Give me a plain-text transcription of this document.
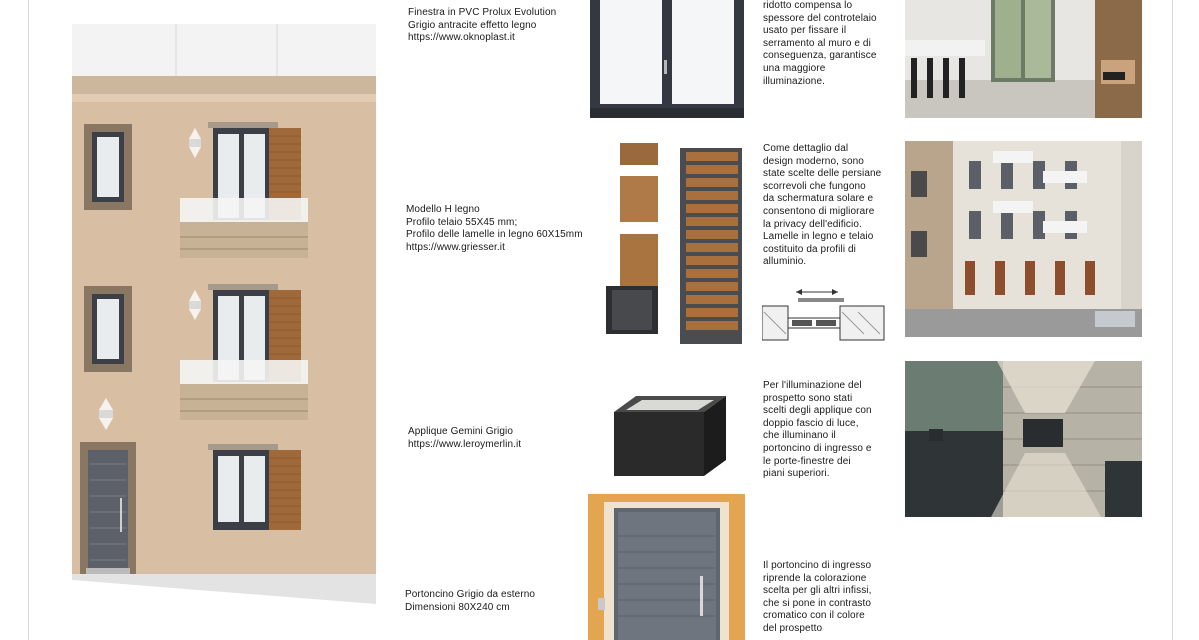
Finestra in PVC Prolux Evolution
Grigio antracite effetto legno
https://www.oknoplast.it
ridotto compensa lo
spessore del controtelaio
usato per fissare il
serramento al muro e di
conseguenza, garantisce
una maggiore
illuminazione.
Modello H legno
Profilo telaio 55X45 mm;
Profilo delle lamelle in legno 60X15mm
https://www.griesser.it
Come dettaglio dal
design moderno, sono
state scelte delle persiane
scorrevoli che fungono
da schermatura solare e
consentono di migliorare
la privacy dell'edificio.
Lamelle in legno e telaio
costituito da profili di
alluminio.
Applique Gemini Grigio
https://www.leroymerlin.it
Per l'illuminazione del
prospetto sono stati
scelti degli applique con
doppio fascio di luce,
che illuminano il
portoncino di ingresso e
le porte-finestre dei
piani superiori.
Portoncino Grigio da esterno
Dimensioni 80X240 cm
Il portoncino di ingresso
riprende la colorazione
scelta per gli altri infissi,
che si pone in contrasto
cromatico con il colore
del prospetto
